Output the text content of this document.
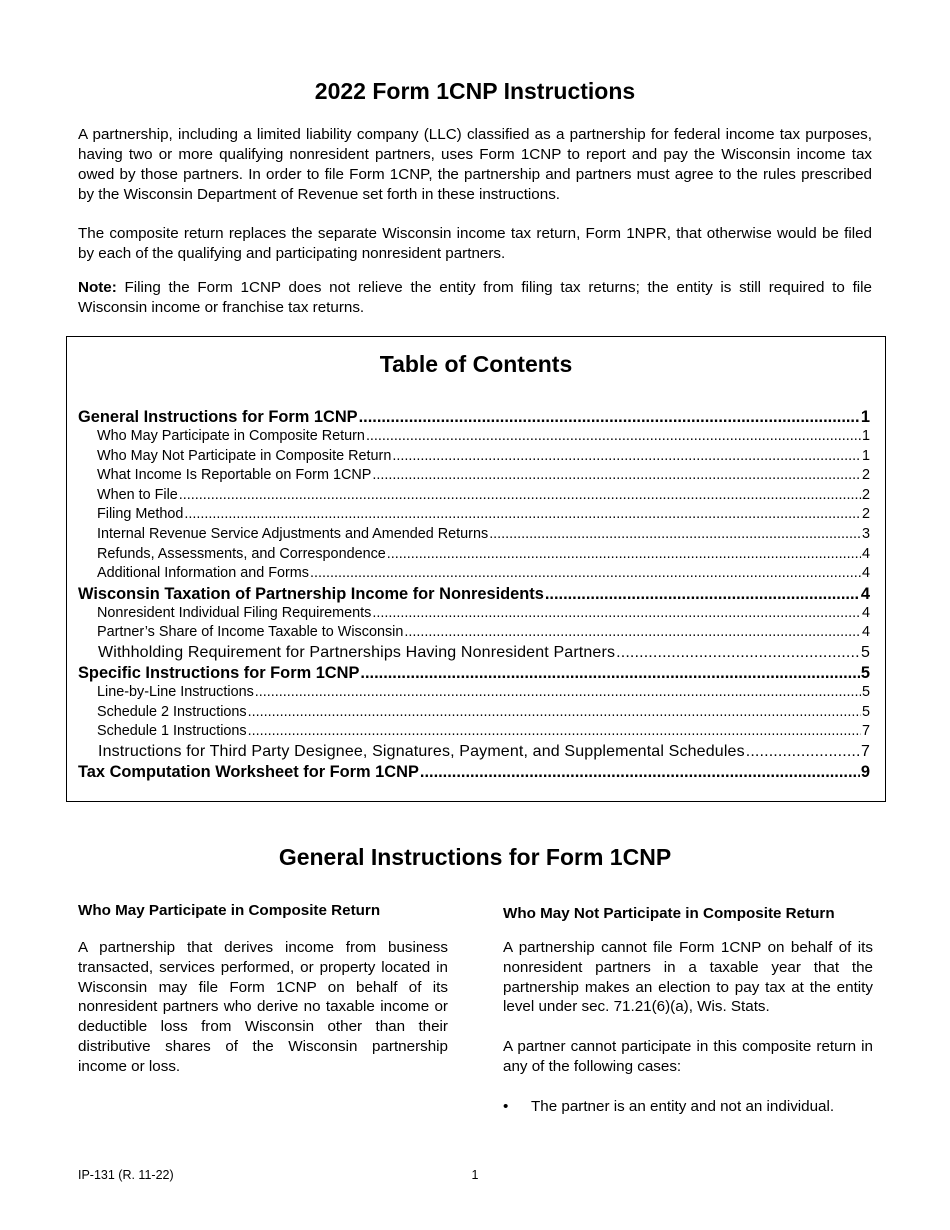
2022 Form 1CNP Instructions
A partnership, including a limited liability company (LLC) classified as a partnership for federal income tax purposes, having two or more qualifying nonresident partners, uses Form 1CNP to report and pay the Wisconsin income tax owed by those partners. In order to file Form 1CNP, the partnership and partners must agree to the rules prescribed by the Wisconsin Department of Revenue set forth in these instructions.
The composite return replaces the separate Wisconsin income tax return, Form 1NPR, that otherwise would be filed by each of the qualifying and participating nonresident partners.
Note: Filing the Form 1CNP does not relieve the entity from filing tax returns; the entity is still required to file Wisconsin income or franchise tax returns.
Table of Contents
General Instructions for Form 1CNP .....	1
Who May Participate in Composite Return .....	1
Who May Not Participate in Composite Return .....	1
What Income Is Reportable on Form 1CNP .....	2
When to File .....	2
Filing Method .....	2
Internal Revenue Service Adjustments and Amended Returns .....	3
Refunds, Assessments, and Correspondence .....	4
Additional Information and Forms .....	4
Wisconsin Taxation of Partnership Income for Nonresidents .....	4
Nonresident Individual Filing Requirements .....	4
Partner’s Share of Income Taxable to Wisconsin .....	4
Withholding Requirement for Partnerships Having Nonresident Partners .....	5
Specific Instructions for Form 1CNP .....	5
Line-by-Line Instructions .....	5
Schedule 2 Instructions .....	5
Schedule 1 Instructions .....	7
Instructions for Third Party Designee, Signatures, Payment, and Supplemental Schedules .....	7
Tax Computation Worksheet for Form 1CNP .....	9
General Instructions for Form 1CNP
Who May Participate in Composite Return

A partnership that derives income from business transacted, services performed, or property located in Wisconsin may file Form 1CNP on behalf of its nonresident partners who derive no taxable income or deductible loss from Wisconsin other than their distributive shares of the Wisconsin partnership income or loss.

Who May Not Participate in Composite Return

A partnership cannot file Form 1CNP on behalf of its nonresident partners in a taxable year that the partnership makes an election to pay tax at the entity level under sec. 71.21(6)(a), Wis. Stats.

A partner cannot participate in this composite return in any of the following cases:

•	The partner is an entity and not an individual.
IP-131 (R. 11-22)	1
